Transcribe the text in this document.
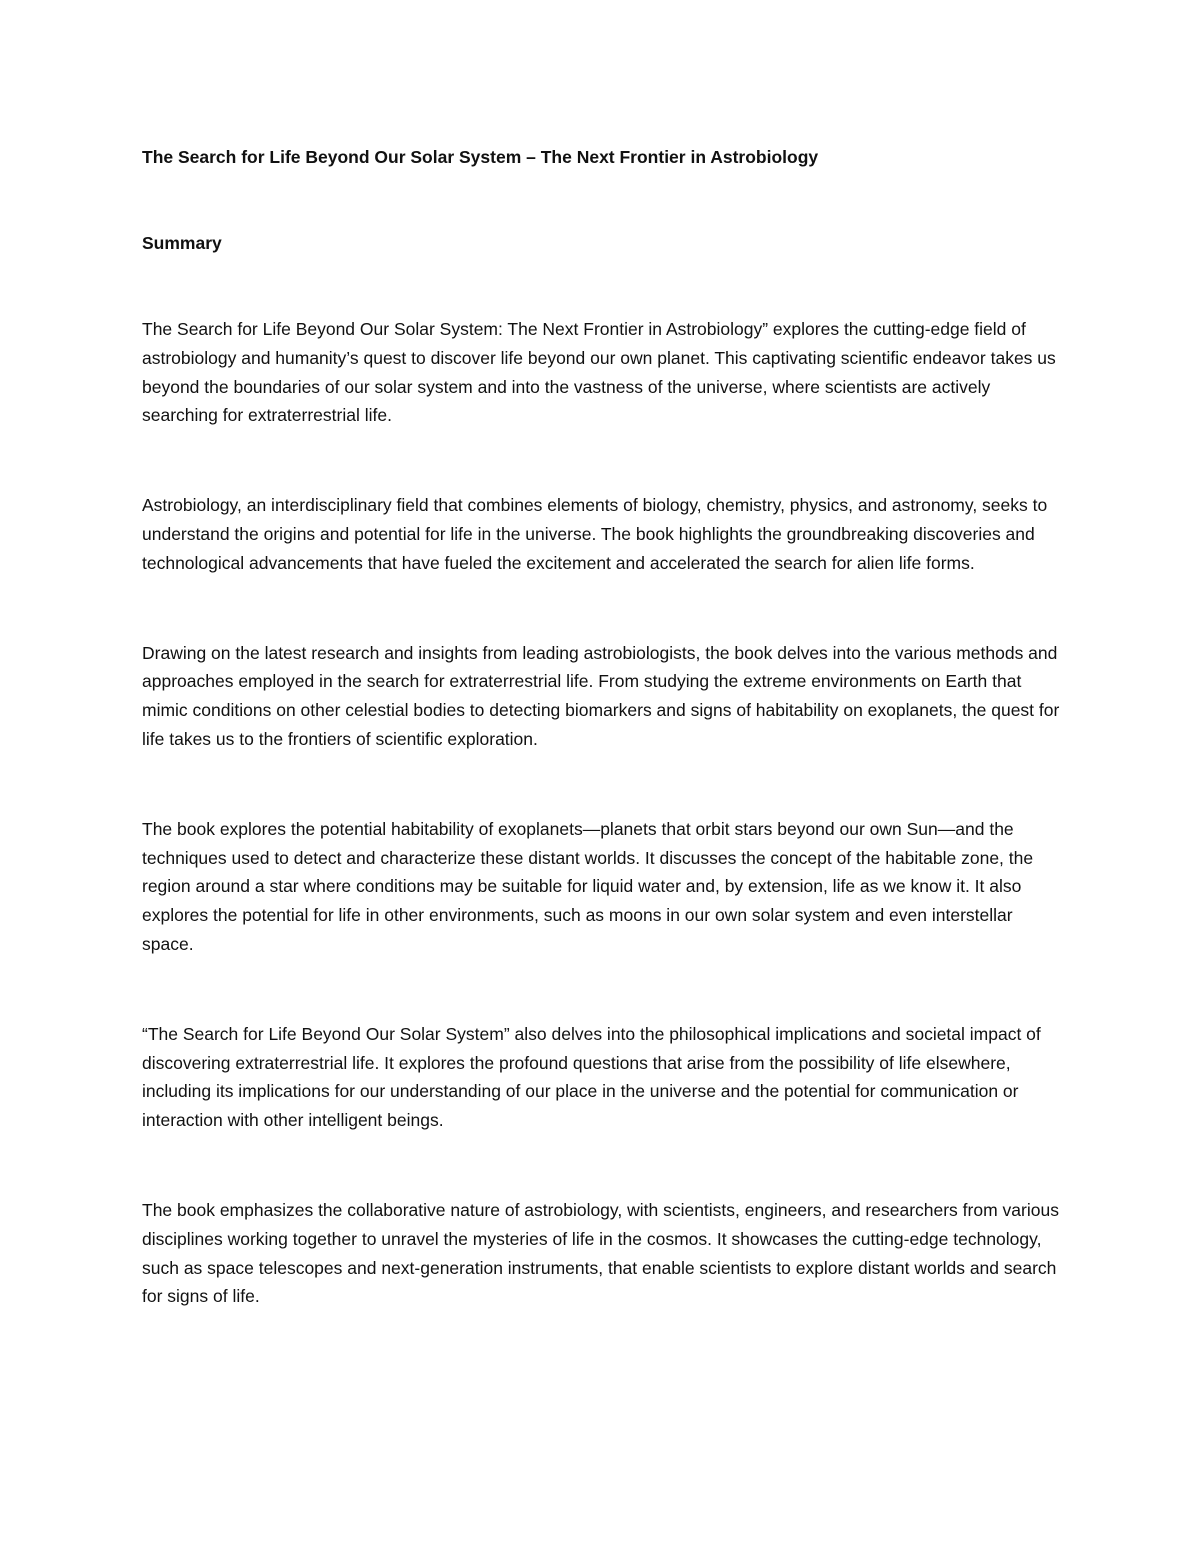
The Search for Life Beyond Our Solar System – The Next Frontier in Astrobiology

Summary

The Search for Life Beyond Our Solar System: The Next Frontier in Astrobiology” explores the cutting-edge field of astrobiology and humanity’s quest to discover life beyond our own planet. This captivating scientific endeavor takes us beyond the boundaries of our solar system and into the vastness of the universe, where scientists are actively searching for extraterrestrial life.

Astrobiology, an interdisciplinary field that combines elements of biology, chemistry, physics, and astronomy, seeks to understand the origins and potential for life in the universe. The book highlights the groundbreaking discoveries and technological advancements that have fueled the excitement and accelerated the search for alien life forms.

Drawing on the latest research and insights from leading astrobiologists, the book delves into the various methods and approaches employed in the search for extraterrestrial life. From studying the extreme environments on Earth that mimic conditions on other celestial bodies to detecting biomarkers and signs of habitability on exoplanets, the quest for life takes us to the frontiers of scientific exploration.

The book explores the potential habitability of exoplanets—planets that orbit stars beyond our own Sun—and the techniques used to detect and characterize these distant worlds. It discusses the concept of the habitable zone, the region around a star where conditions may be suitable for liquid water and, by extension, life as we know it. It also explores the potential for life in other environments, such as moons in our own solar system and even interstellar space.

“The Search for Life Beyond Our Solar System” also delves into the philosophical implications and societal impact of discovering extraterrestrial life. It explores the profound questions that arise from the possibility of life elsewhere, including its implications for our understanding of our place in the universe and the potential for communication or interaction with other intelligent beings.

The book emphasizes the collaborative nature of astrobiology, with scientists, engineers, and researchers from various disciplines working together to unravel the mysteries of life in the cosmos. It showcases the cutting-edge technology, such as space telescopes and next-generation instruments, that enable scientists to explore distant worlds and search for signs of life.
